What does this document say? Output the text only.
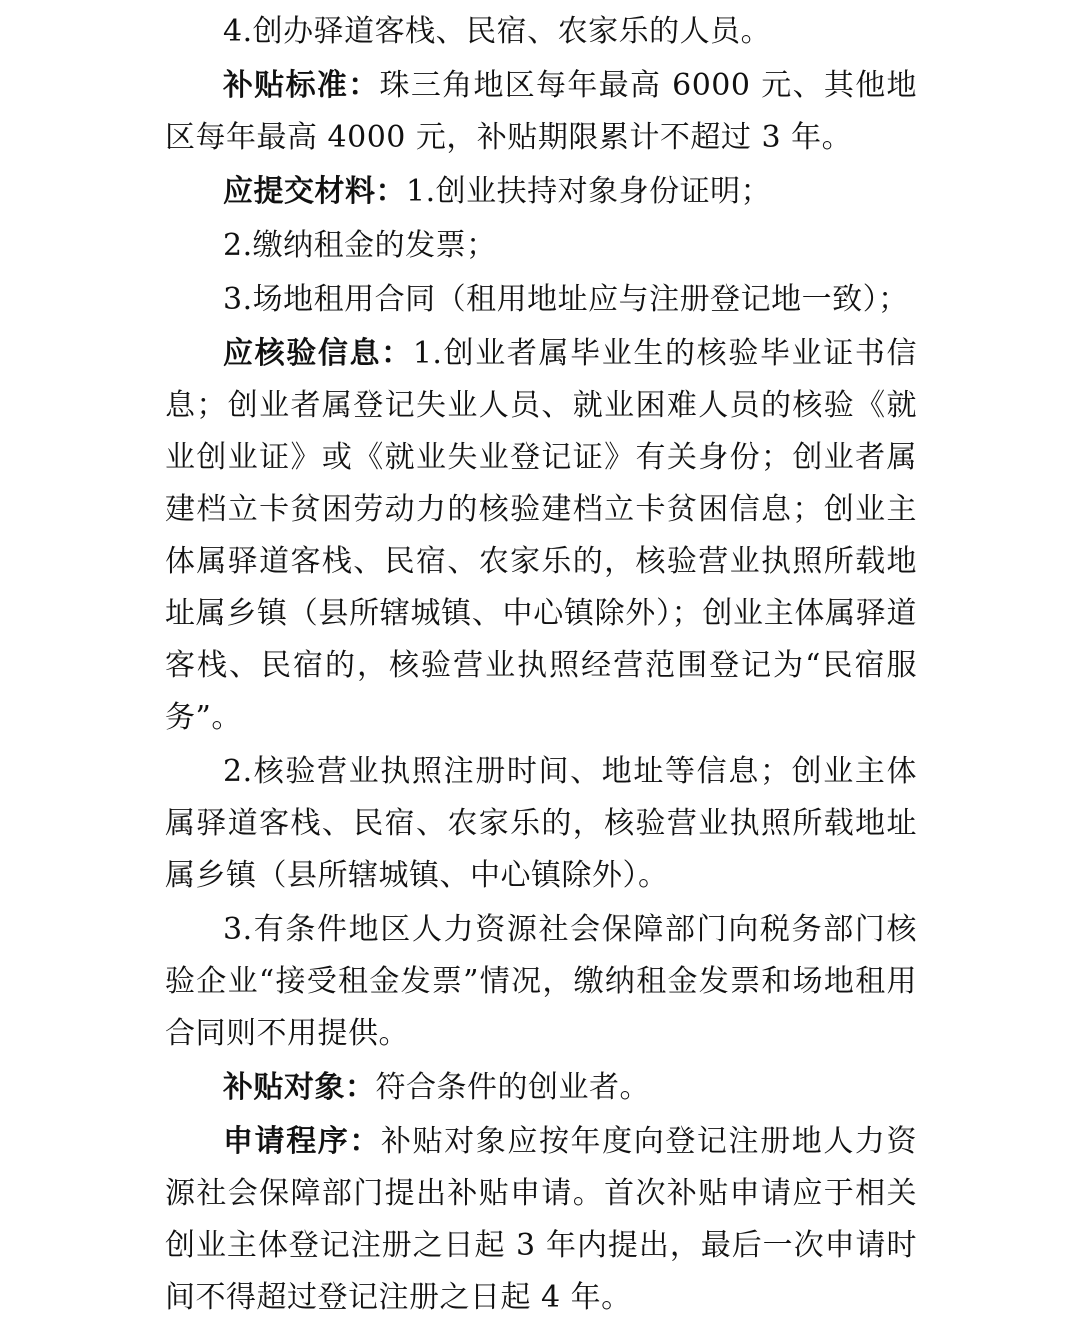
4.创办驿道客栈、民宿、农家乐的人员。

补贴标准：珠三角地区每年最高 6000 元、其他地区每年最高 4000 元，补贴期限累计不超过 3 年。

应提交材料：1.创业扶持对象身份证明；

2.缴纳租金的发票；

3.场地租用合同（租用地址应与注册登记地一致）；

应核验信息：1.创业者属毕业生的核验毕业证书信息；创业者属登记失业人员、就业困难人员的核验《就业创业证》或《就业失业登记证》有关身份；创业者属建档立卡贫困劳动力的核验建档立卡贫困信息；创业主体属驿道客栈、民宿、农家乐的，核验营业执照所载地址属乡镇（县所辖城镇、中心镇除外）；创业主体属驿道客栈、民宿的，核验营业执照经营范围登记为“民宿服务”。

2.核验营业执照注册时间、地址等信息；创业主体属驿道客栈、民宿、农家乐的，核验营业执照所载地址属乡镇（县所辖城镇、中心镇除外）。

3.有条件地区人力资源社会保障部门向税务部门核验企业“接受租金发票”情况，缴纳租金发票和场地租用合同则不用提供。

补贴对象：符合条件的创业者。

申请程序：补贴对象应按年度向登记注册地人力资源社会保障部门提出补贴申请。首次补贴申请应于相关创业主体登记注册之日起 3 年内提出，最后一次申请时间不得超过登记注册之日起 4 年。
